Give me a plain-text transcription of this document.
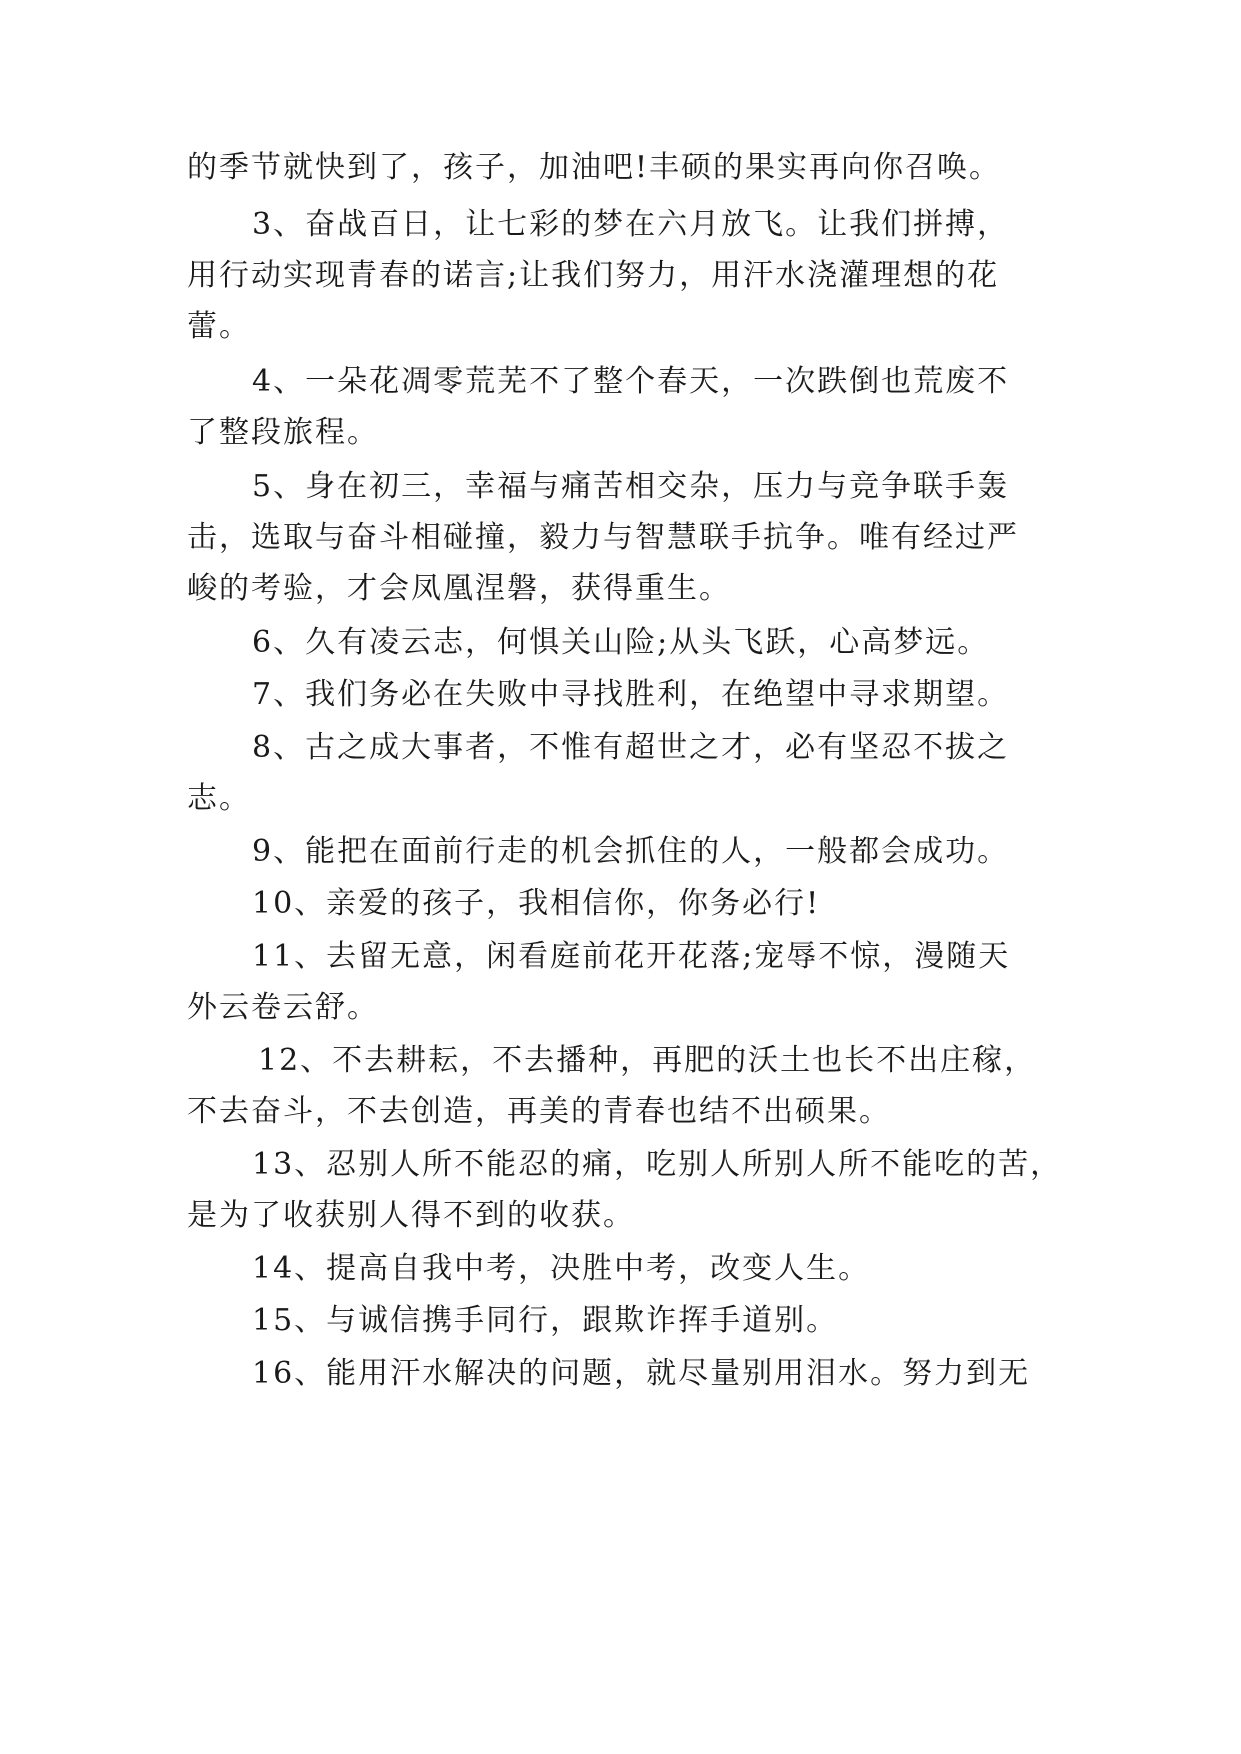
的季节就快到了，孩子，加油吧!丰硕的果实再向你召唤。
3、奋战百日，让七彩的梦在六月放飞。让我们拼搏，
用行动实现青春的诺言;让我们努力，用汗水浇灌理想的花
蕾。
4、一朵花凋零荒芜不了整个春天，一次跌倒也荒废不
了整段旅程。
5、身在初三，幸福与痛苦相交杂，压力与竞争联手轰
击，选取与奋斗相碰撞，毅力与智慧联手抗争。唯有经过严
峻的考验，才会凤凰涅磐，获得重生。
6、久有凌云志，何惧关山险;从头飞跃，心高梦远。
7、我们务必在失败中寻找胜利，在绝望中寻求期望。
8、古之成大事者，不惟有超世之才，必有坚忍不拔之
志。
9、能把在面前行走的机会抓住的人，一般都会成功。
10、亲爱的孩子，我相信你，你务必行!
11、去留无意，闲看庭前花开花落;宠辱不惊，漫随天
外云卷云舒。
12、不去耕耘，不去播种，再肥的沃土也长不出庄稼，
不去奋斗，不去创造，再美的青春也结不出硕果。
13、忍别人所不能忍的痛，吃别人所别人所不能吃的苦，
是为了收获别人得不到的收获。
14、提高自我中考，决胜中考，改变人生。
15、与诚信携手同行，跟欺诈挥手道别。
16、能用汗水解决的问题，就尽量别用泪水。努力到无
